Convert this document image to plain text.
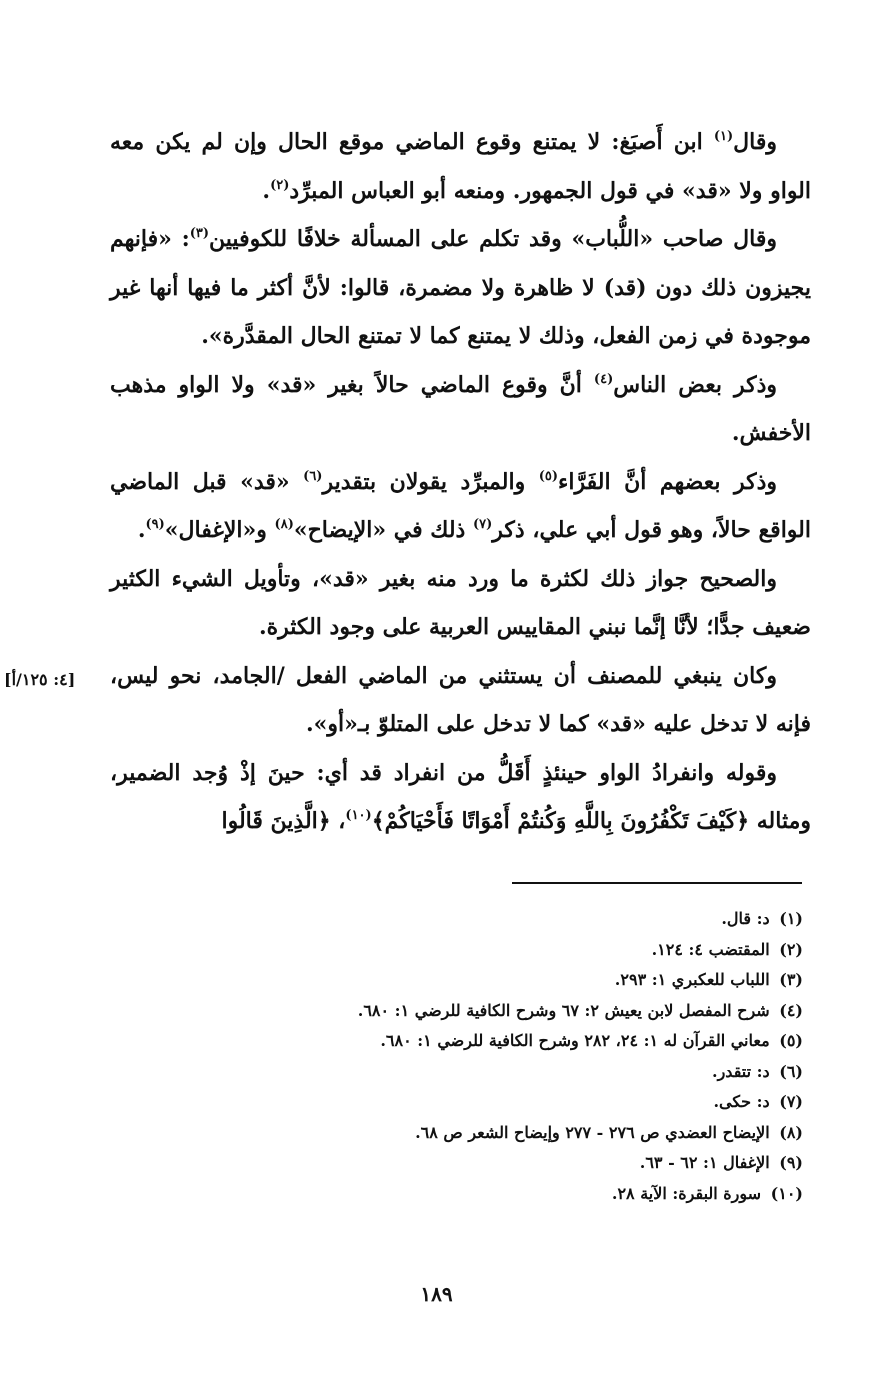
[٤: ١٢٥/أ]

وقال$^{(١)}$ ابن أَصبَغ: لا يمتنع وقوع الماضي موقع الحال وإن لم يكن معه الواو ولا «قد» في قول الجمهور. ومنعه أبو العباس المبرِّد$^{(٢)}$.

وقال صاحب «اللُّباب» وقد تكلم على المسألة خلافًا للكوفيين$^{(٣)}$: «فإنهم يجيزون ذلك دون (قد) لا ظاهرة ولا مضمرة، قالوا: لأنَّ أكثر ما فيها أنها غير موجودة في زمن الفعل، وذلك لا يمتنع كما لا تمتنع الحال المقدَّرة».

وذكر بعض الناس$^{(٤)}$ أنَّ وقوع الماضي حالاً بغير «قد» ولا الواو مذهب الأخفش.

وذكر بعضهم أنَّ الفَرَّاء$^{(٥)}$ والمبرِّد يقولان بتقدير$^{(٦)}$ «قد» قبل الماضي الواقع حالاً، وهو قول أبي علي، ذكر$^{(٧)}$ ذلك في «الإيضاح»$^{(٨)}$ و«الإغفال»$^{(٩)}$.

والصحيح جواز ذلك لكثرة ما ورد منه بغير «قد»، وتأويل الشيء الكثير ضعيف جدًّا؛ لأنَّا إنَّما نبني المقاييس العربية على وجود الكثرة.

وكان ينبغي للمصنف أن يستثني من الماضي الفعل /الجامد، نحو ليس، فإنه لا تدخل عليه «قد» كما لا تدخل على المتلوّ بـ«أو».

وقوله وانفرادُ الواو حينئذٍ أَقَلُّ من انفراد قد أي: حينَ إذْ وُجد الضمير، ومثاله ﴿كَيْفَ تَكْفُرُونَ بِاللَّهِ وَكُنتُمْ أَمْوَاتًا فَأَحْيَاكُمْ﴾$^{(١٠)}$، ﴿الَّذِينَ قَالُوا

(١) د: قال.
(٢) المقتضب ٤: ١٢٤.
(٣) اللباب للعكبري ١: ٢٩٣.
(٤) شرح المفصل لابن يعيش ٢: ٦٧ وشرح الكافية للرضي ١: ٦٨٠.
(٥) معاني القرآن له ١: ٢٤، ٢٨٢ وشرح الكافية للرضي ١: ٦٨٠.
(٦) د: تتقدر.
(٧) د: حكى.
(٨) الإيضاح العضدي ص ٢٧٦ - ٢٧٧ وإيضاح الشعر ص ٦٨.
(٩) الإغفال ١: ٦٢ - ٦٣.
(١٠) سورة البقرة: الآية ٢٨.
١٨٩
